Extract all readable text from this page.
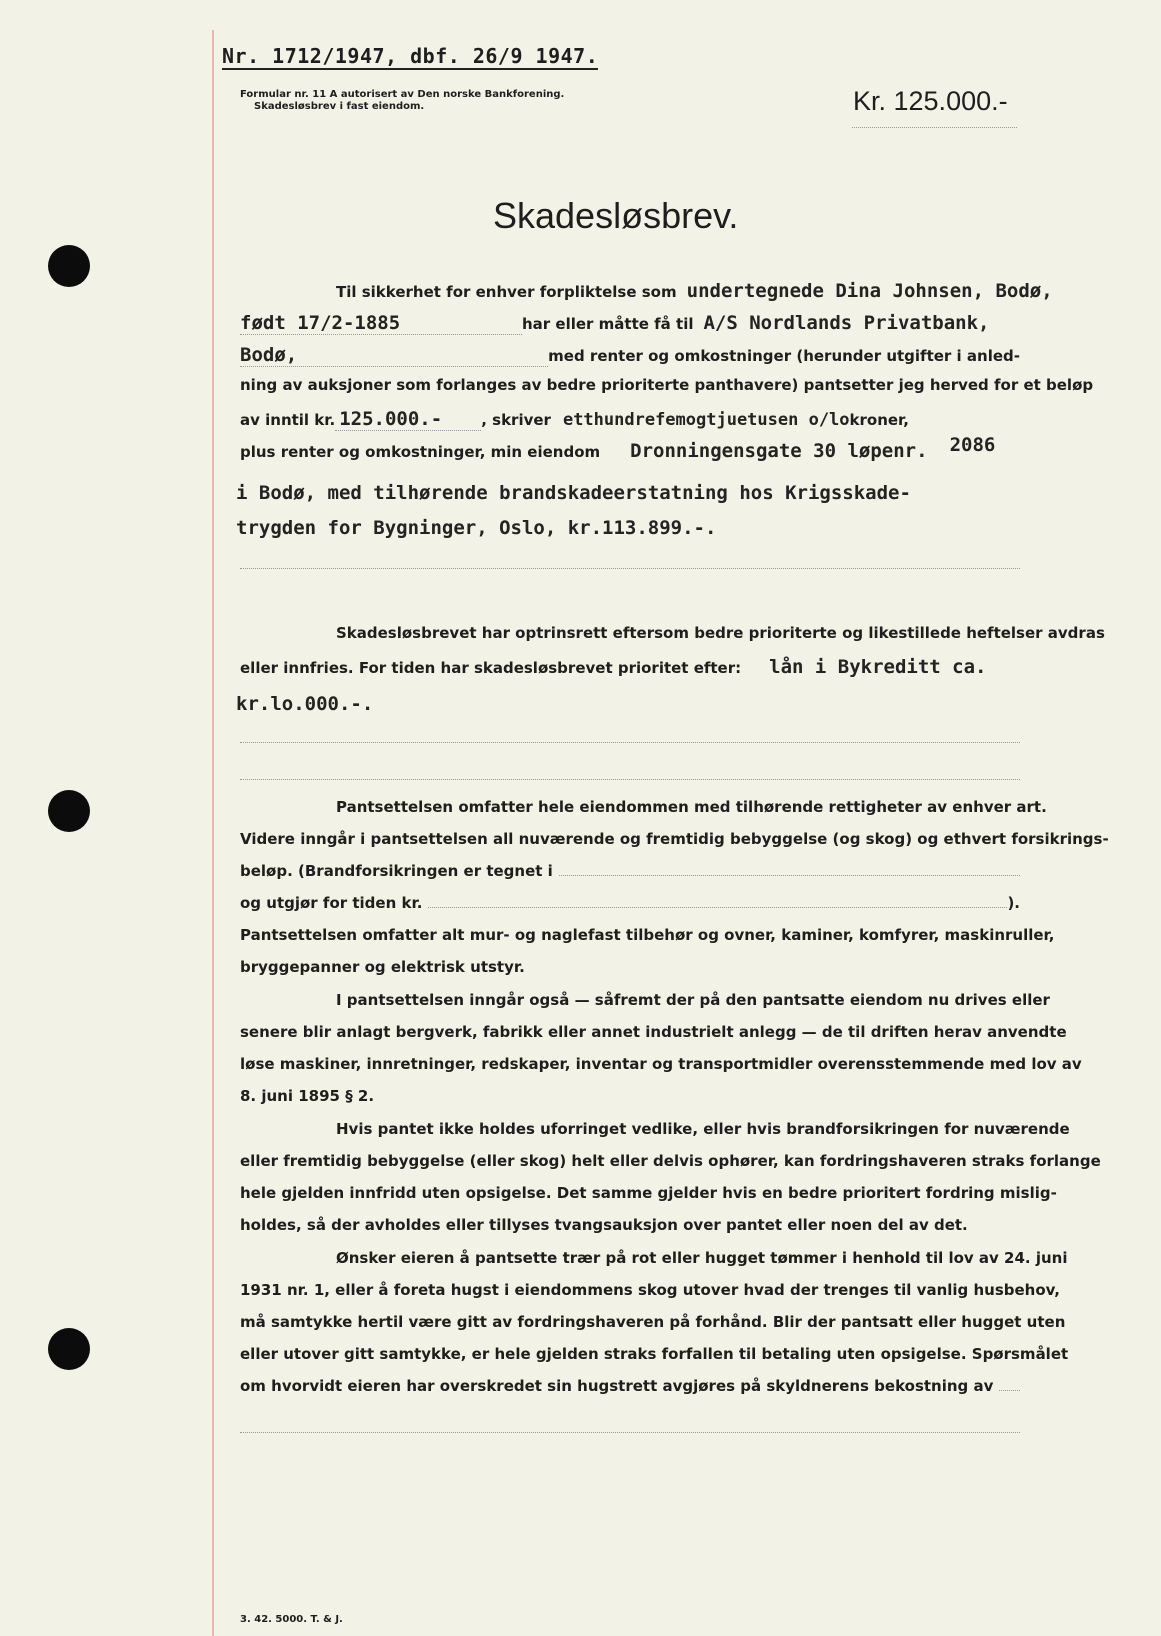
Nr. 1712/1947, dbf. 26/9 1947.
Formular nr. 11 A autorisert av Den norske Bankforening.
Skadesløsbrev i fast eiendom.	Kr. 125.000.-
Skadesløsbrev.
Til sikkerhet for enhver forpliktelse som undertegnede Dina Johnsen, Bodø,
født 17/2-1885	har eller måtte få til A/S Nordlands Privatbank,
Bodø,	med renter og omkostninger (herunder utgifter i anled-
ning av auksjoner som forlanges av bedre prioriterte panthavere) pantsetter jeg herved for et beløp
av inntil kr. 125.000.-	, skriver etthundrefemogtjuetusen o/lo kroner,
plus renter og omkostninger, min eiendom Dronningensgate 30 løpenr. 2086
i Bodø, med tilhørende brandskadeerstatning hos Krigsskade-
trygden for Bygninger, Oslo, kr.113.899.-.
Skadesløsbrevet har optrinsrett eftersom bedre prioriterte og likestillede heftelser avdras
eller innfries. For tiden har skadesløsbrevet prioritet efter: lån i Bykreditt ca.
kr.lo.000.-.
Pantsettelsen omfatter hele eiendommen med tilhørende rettigheter av enhver art.
Videre inngår i pantsettelsen all nuværende og fremtidig bebyggelse (og skog) og ethvert forsikrings-
beløp. (Brandforsikringen er tegnet i
og utgjør for tiden kr.	).
Pantsettelsen omfatter alt mur- og naglefast tilbehør og ovner, kaminer, komfyrer, maskinruller,
bryggepanner og elektrisk utstyr.
I pantsettelsen inngår også — såfremt der på den pantsatte eiendom nu drives eller
senere blir anlagt bergverk, fabrikk eller annet industrielt anlegg — de til driften herav anvendte
løse maskiner, innretninger, redskaper, inventar og transportmidler overensstemmende med lov av
8. juni 1895 § 2.
Hvis pantet ikke holdes uforringet vedlike, eller hvis brandforsikringen for nuværende
eller fremtidig bebyggelse (eller skog) helt eller delvis ophører, kan fordringshaveren straks forlange
hele gjelden innfridd uten opsigelse. Det samme gjelder hvis en bedre prioritert fordring mislig-
holdes, så der avholdes eller tillyses tvangsauksjon over pantet eller noen del av det.
Ønsker eieren å pantsette trær på rot eller hugget tømmer i henhold til lov av 24. juni
1931 nr. 1, eller å foreta hugst i eiendommens skog utover hvad der trenges til vanlig husbehov,
må samtykke hertil være gitt av fordringshaveren på forhånd. Blir der pantsatt eller hugget uten
eller utover gitt samtykke, er hele gjelden straks forfallen til betaling uten opsigelse. Spørsmålet
om hvorvidt eieren har overskredet sin hugstrett avgjøres på skyldnerens bekostning av
3. 42. 5000. T. & J.
